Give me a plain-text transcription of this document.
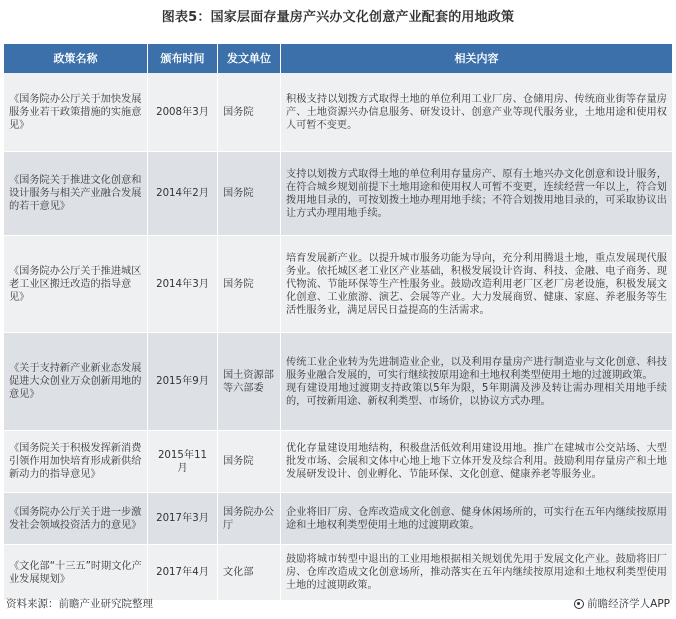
图表5：国家层面存量房产兴办文化创意产业配套的用地政策
政策名称	颁布时间	发文单位	相关内容
《国务院办公厅关于加快发展服务业若干政策措施的实施意见》	2008年3月	国务院	积极支持以划拨方式取得土地的单位利用工业厂房、仓储用房、传统商业街等存量房产、土地资源兴办信息服务、研发设计、创意产业等现代服务业，土地用途和使用权人可暂不变更。
《国务院关于推进文化创意和设计服务与相关产业融合发展的若干意见》	2014年2月	国务院	支持以划拨方式取得土地的单位利用存量房产、原有土地兴办文化创意和设计服务，在符合城乡规划前提下土地用途和使用权人可暂不变更，连续经营一年以上，符合划拨用地目录的，可按划拨土地办理用地手续；不符合划拨用地目录的，可采取协议出让方式办理用地手续。
《国务院办公厅关于推进城区老工业区搬迁改造的指导意见》	2014年3月	国务院	培育发展新产业。以提升城市服务功能为导向，充分利用腾退土地，重点发展现代服务业。依托城区老工业区产业基础，积极发展设计咨询、科技、金融、电子商务、现代物流、节能环保等生产性服务业。鼓励改造利用老厂区老厂房老设施，积极发展文化创意、工业旅游、演艺、会展等产业。大力发展商贸、健康、家庭、养老服务等生活性服务业，满足居民日益提高的生活需求。
《关于支持新产业新业态发展促进大众创业万众创新用地的意见》	2015年9月	国土资源部等六部委	传统工业企业转为先进制造业企业，以及利用存量房产进行制造业与文化创意、科技服务业融合发展的，可实行继续按原用途和土地权利类型使用土地的过渡期政策。
现有建设用地过渡期支持政策以5年为限，5年期满及涉及转让需办理相关用地手续的，可按新用途、新权利类型、市场价，以协议方式办理。
《国务院关于积极发挥新消费引领作用加快培育形成新供给新动力的指导意见》	2015年11月	国务院	优化存量建设用地结构，积极盘活低效利用建设用地。推广在建城市公交站场、大型批发市场、会展和文体中心地上地下立体开发及综合利用。鼓励利用存量房产和土地发展研发设计、创业孵化、节能环保、文化创意、健康养老等服务业。
《国务院办公厅关于进一步激发社会领域投资活力的意见》	2017年3月	国务院办公厅	企业将旧厂房、仓库改造成文化创意、健身休闲场所的，可实行在五年内继续按原用途和土地权利类型使用土地的过渡期政策。
《文化部“十三五”时期文化产业发展规划》	2017年4月	文化部	鼓励将城市转型中退出的工业用地根据相关规划优先用于发展文化产业。鼓励将旧厂房、仓库改造成文化创意场所，推动落实在五年内继续按原用途和土地权利类型使用土地的过渡期政策。
资料来源：前瞻产业研究院整理	前瞻经济学人APP
